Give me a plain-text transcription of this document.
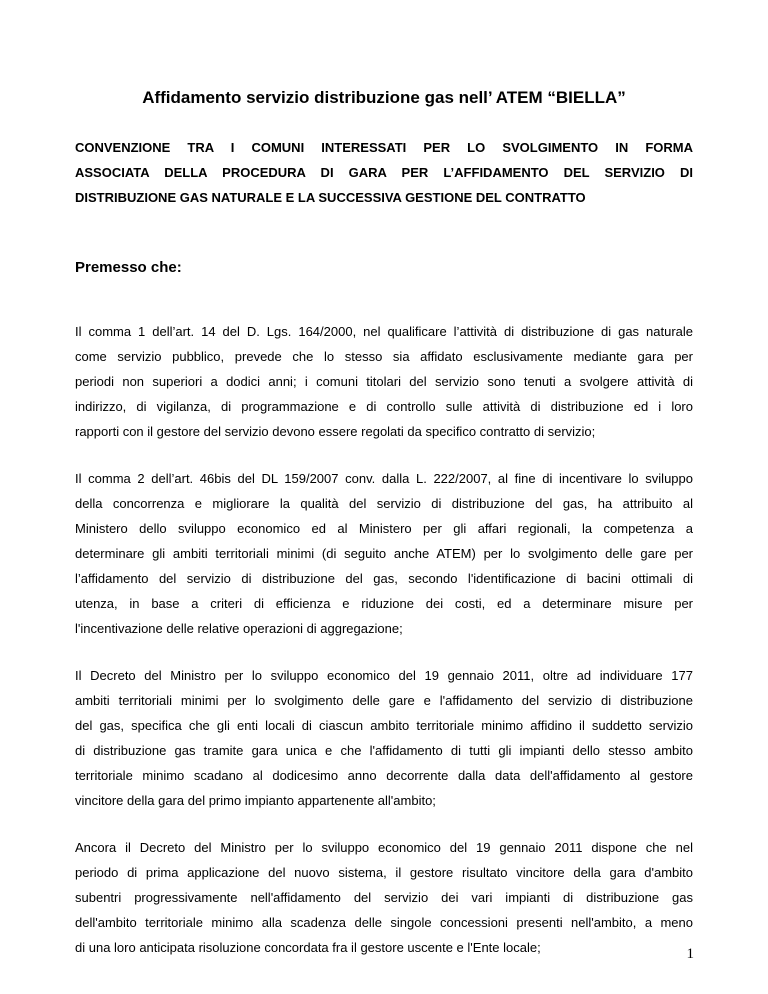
Affidamento servizio distribuzione gas nell’ ATEM “BIELLA”
CONVENZIONE TRA I COMUNI INTERESSATI PER LO SVOLGIMENTO IN FORMA
ASSOCIATA DELLA PROCEDURA DI GARA PER L’AFFIDAMENTO DEL SERVIZIO DI
DISTRIBUZIONE GAS NATURALE E LA SUCCESSIVA GESTIONE DEL CONTRATTO
Premesso che:
Il comma 1 dell’art. 14 del D. Lgs. 164/2000, nel qualificare l’attività di distribuzione di gas naturale
come servizio pubblico, prevede che lo stesso sia affidato esclusivamente mediante gara per
periodi non superiori a dodici anni; i comuni titolari del servizio sono tenuti a svolgere attività di
indirizzo, di vigilanza, di programmazione e di controllo sulle attività di distribuzione ed i loro
rapporti con il gestore del servizio devono essere regolati da specifico contratto di servizio;
Il comma 2 dell’art. 46bis del DL 159/2007 conv. dalla L. 222/2007, al fine di incentivare lo sviluppo
della concorrenza e migliorare la qualità del servizio di distribuzione del gas, ha attribuito al
Ministero dello sviluppo economico ed al Ministero per gli affari regionali, la competenza a
determinare gli ambiti territoriali minimi (di seguito anche ATEM) per lo svolgimento delle gare per
l’affidamento del servizio di distribuzione del gas, secondo l'identificazione di bacini ottimali di
utenza, in base a criteri di efficienza e riduzione dei costi, ed a determinare misure per
l'incentivazione delle relative operazioni di aggregazione;
Il Decreto del Ministro per lo sviluppo economico del 19 gennaio 2011, oltre ad individuare 177
ambiti territoriali minimi per lo svolgimento delle gare e l'affidamento del servizio di distribuzione
del gas, specifica che gli enti locali di ciascun ambito territoriale minimo affidino il suddetto servizio
di distribuzione gas tramite gara unica e che l'affidamento di tutti gli impianti dello stesso ambito
territoriale minimo scadano al dodicesimo anno decorrente dalla data dell'affidamento al gestore
vincitore della gara del primo impianto appartenente all'ambito;
Ancora il Decreto del Ministro per lo sviluppo economico del 19 gennaio 2011 dispone che nel
periodo di prima applicazione del nuovo sistema, il gestore risultato vincitore della gara d'ambito
subentri progressivamente nell'affidamento del servizio dei vari impianti di distribuzione gas
dell'ambito territoriale minimo alla scadenza delle singole concessioni presenti nell'ambito, a meno
di una loro anticipata risoluzione concordata fra il gestore uscente e l'Ente locale;	1
